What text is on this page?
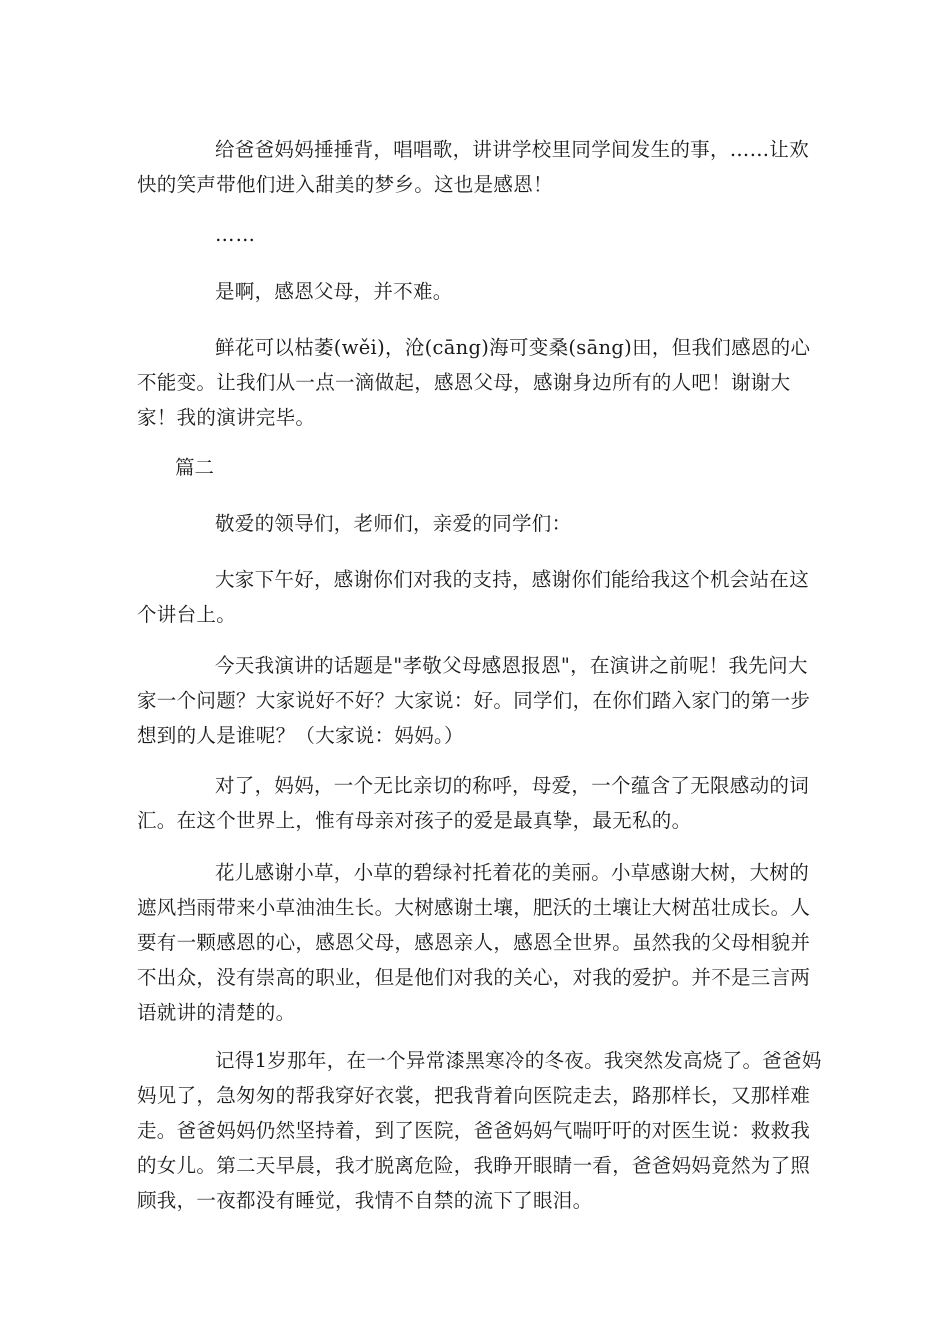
给爸爸妈妈捶捶背，唱唱歌，讲讲学校里同学间发生的事，……让欢快的笑声带他们进入甜美的梦乡。这也是感恩！

……

是啊，感恩父母，并不难。

鲜花可以枯萎(wěi)，沧(cāng)海可变桑(sāng)田，但我们感恩的心不能变。让我们从一点一滴做起，感恩父母，感谢身边所有的人吧！谢谢大家！我的演讲完毕。

篇二

敬爱的领导们，老师们，亲爱的同学们：

大家下午好，感谢你们对我的支持，感谢你们能给我这个机会站在这个讲台上。

今天我演讲的话题是"孝敬父母感恩报恩"，在演讲之前呢！我先问大家一个问题？大家说好不好？大家说：好。同学们，在你们踏入家门的第一步想到的人是谁呢？（大家说：妈妈。）

对了，妈妈，一个无比亲切的称呼，母爱，一个蕴含了无限感动的词汇。在这个世界上，惟有母亲对孩子的爱是最真挚，最无私的。

花儿感谢小草，小草的碧绿衬托着花的美丽。小草感谢大树，大树的遮风挡雨带来小草油油生长。大树感谢土壤，肥沃的土壤让大树茁壮成长。人要有一颗感恩的心，感恩父母，感恩亲人，感恩全世界。虽然我的父母相貌并不出众，没有崇高的职业，但是他们对我的关心，对我的爱护。并不是三言两语就讲的清楚的。

记得1岁那年，在一个异常漆黑寒冷的冬夜。我突然发高烧了。爸爸妈妈见了，急匆匆的帮我穿好衣裳，把我背着向医院走去，路那样长，又那样难走。爸爸妈妈仍然坚持着，到了医院，爸爸妈妈气喘吁吁的对医生说：救救我的女儿。第二天早晨，我才脱离危险，我睁开眼睛一看，爸爸妈妈竟然为了照顾我，一夜都没有睡觉，我情不自禁的流下了眼泪。
